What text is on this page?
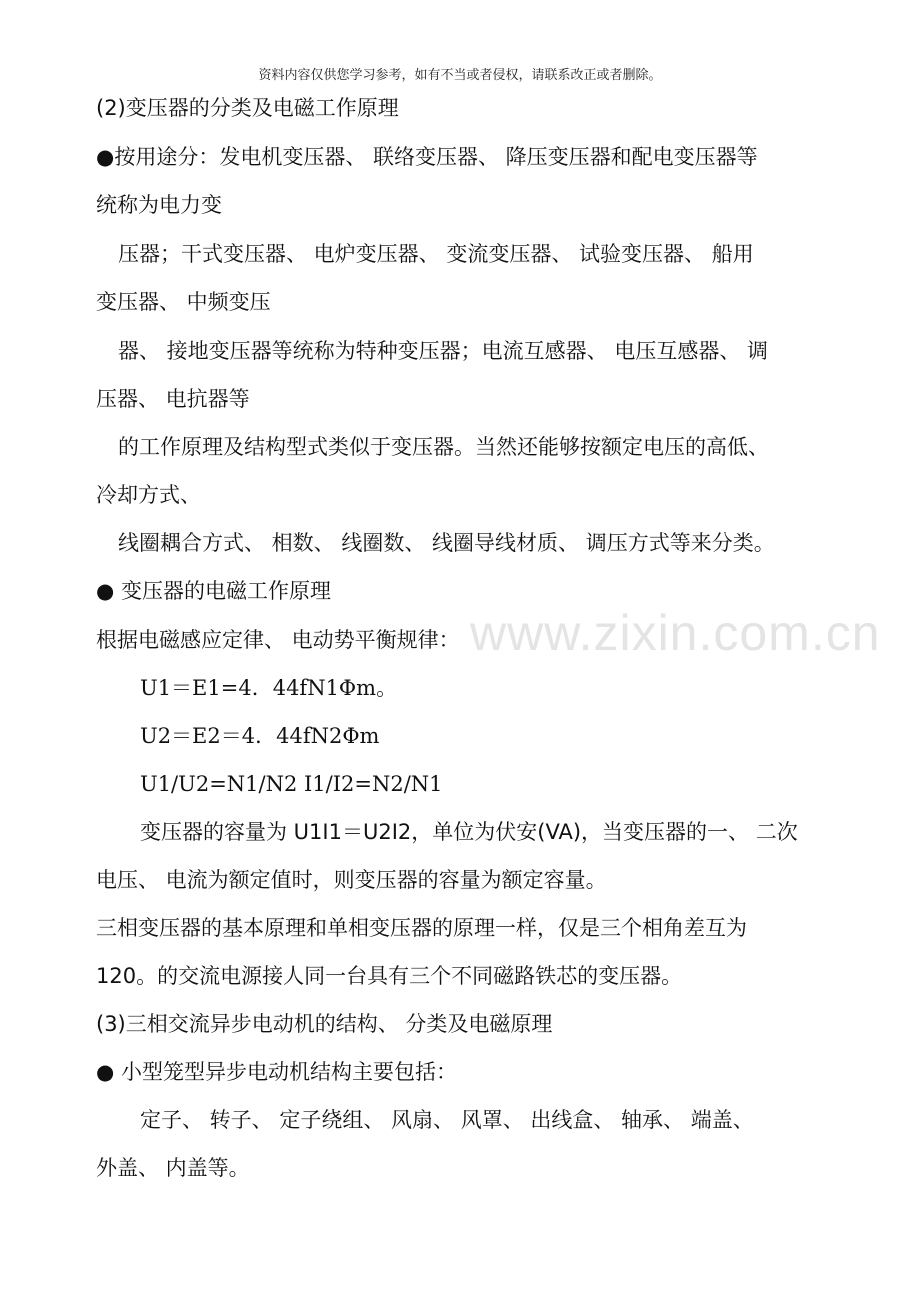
资料内容仅供您学习参考，如有不当或者侵权，请联系改正或者删除。
www.zixin.com.cn
(2)变压器的分类及电磁工作原理
●按用途分：发电机变压器、 联络变压器、 降压变压器和配电变压器等
统称为电力变
压器；干式变压器、 电炉变压器、 变流变压器、 试验变压器、 船用
变压器、 中频变压
器、 接地变压器等统称为特种变压器；电流互感器、 电压互感器、 调
压器、 电抗器等
的工作原理及结构型式类似于变压器。当然还能够按额定电压的高低、
冷却方式、
线圈耦合方式、 相数、 线圈数、 线圈导线材质、 调压方式等来分类。
● 变压器的电磁工作原理
根据电磁感应定律、 电动势平衡规律：
U1＝E1=4．44fN1Φm。
U2＝E2＝4．44fN2Φm
U1/U2=N1/N2 I1/I2=N2/N1
变压器的容量为 U1I1＝U2I2，单位为伏安(VA)，当变压器的一、 二次
电压、 电流为额定值时，则变压器的容量为额定容量。
三相变压器的基本原理和单相变压器的原理一样，仅是三个相角差互为
120。的交流电源接人同一台具有三个不同磁路铁芯的变压器。
(3)三相交流异步电动机的结构、 分类及电磁原理
● 小型笼型异步电动机结构主要包括：
定子、 转子、 定子绕组、 风扇、 风罩、 出线盒、 轴承、 端盖、
外盖、 内盖等。
